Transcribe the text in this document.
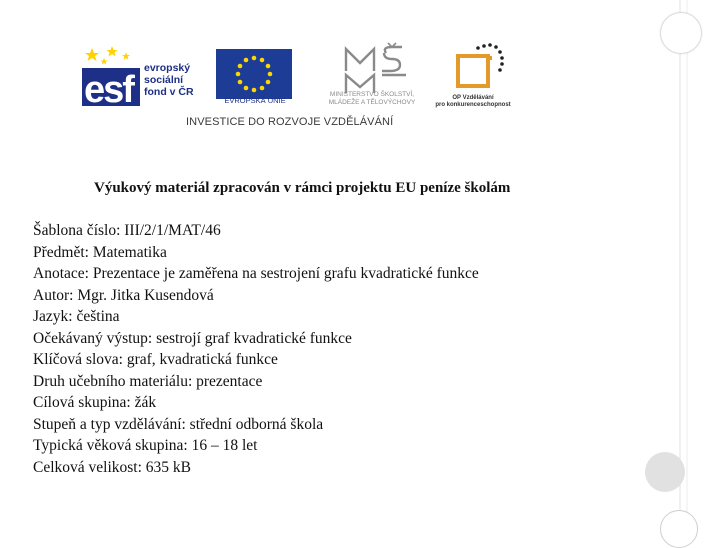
esf
evropský
sociální
fond v ČR
EVROPSKÁ UNIE
MINISTERSTVO ŠKOLSTVÍ,
MLÁDEŽE A TĚLOVÝCHOVY
OP Vzdělávání
pro konkurenceschopnost
INVESTICE DO ROZVOJE VZDĚLÁVÁNÍ
Výukový materiál zpracován v rámci projektu EU peníze školám
Šablona číslo: III/2/1/MAT/46
Předmět: Matematika
Anotace: Prezentace je zaměřena na sestrojení grafu kvadratické funkce
Autor: Mgr. Jitka Kusendová
Jazyk: čeština
Očekávaný výstup: sestrojí graf kvadratické funkce
Klíčová slova: graf, kvadratická funkce
Druh učebního materiálu: prezentace
Cílová skupina: žák
Stupeň a typ vzdělávání: střední odborná škola
Typická věková skupina: 16 – 18 let
Celková velikost: 635 kB
